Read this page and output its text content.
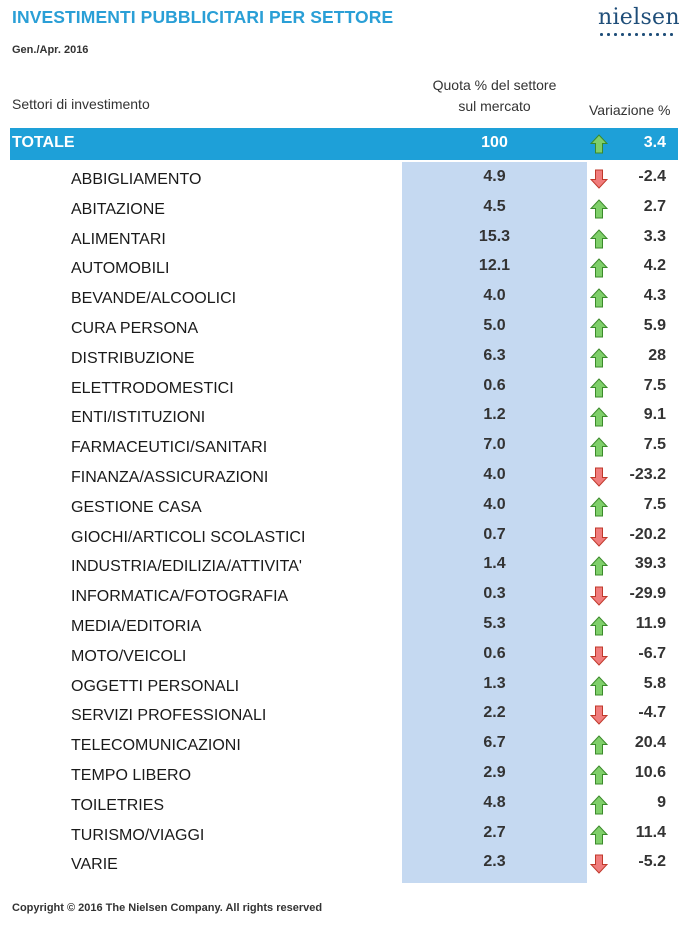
INVESTIMENTI PUBBLICITARI PER SETTORE
Gen./Apr. 2016
nielsen
Settori di investimento
Quota % del settore
sul mercato	Variazione %
TOTALE	100	3.4
ABBIGLIAMENTO	4.9	-2.4
ABITAZIONE	4.5	2.7
ALIMENTARI	15.3	3.3
AUTOMOBILI	12.1	4.2
BEVANDE/ALCOOLICI	4.0	4.3
CURA PERSONA	5.0	5.9
DISTRIBUZIONE	6.3	28
ELETTRODOMESTICI	0.6	7.5
ENTI/ISTITUZIONI	1.2	9.1
FARMACEUTICI/SANITARI	7.0	7.5
FINANZA/ASSICURAZIONI	4.0	-23.2
GESTIONE CASA	4.0	7.5
GIOCHI/ARTICOLI SCOLASTICI	0.7	-20.2
INDUSTRIA/EDILIZIA/ATTIVITA'	1.4	39.3
INFORMATICA/FOTOGRAFIA	0.3	-29.9
MEDIA/EDITORIA	5.3	11.9
MOTO/VEICOLI	0.6	-6.7
OGGETTI PERSONALI	1.3	5.8
SERVIZI PROFESSIONALI	2.2	-4.7
TELECOMUNICAZIONI	6.7	20.4
TEMPO LIBERO	2.9	10.6
TOILETRIES	4.8	9
TURISMO/VIAGGI	2.7	11.4
VARIE	2.3	-5.2
Copyright © 2016 The Nielsen Company. All rights reserved
